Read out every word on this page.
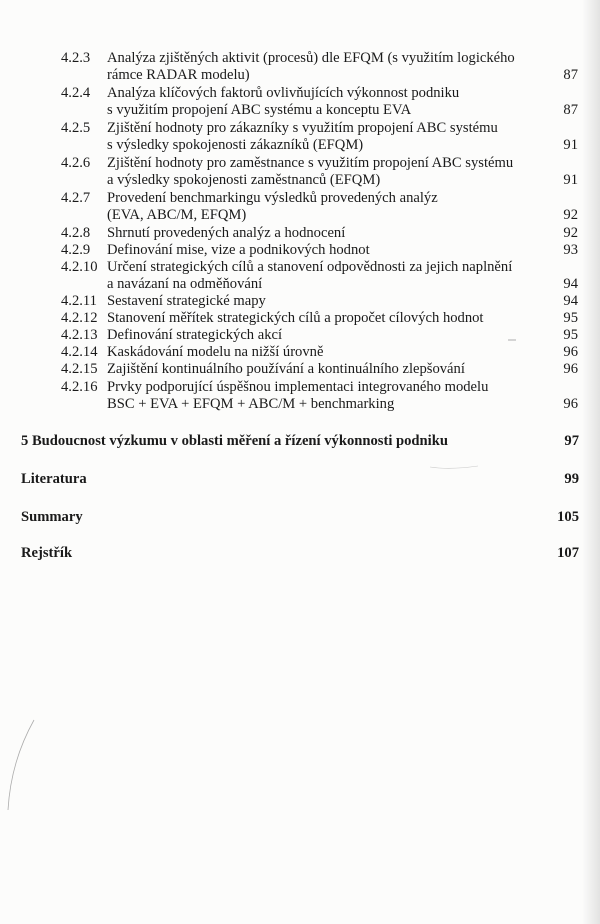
4.2.3 Analýza zjištěných aktivit (procesů) dle EFQM (s využitím logického
rámce RADAR modelu)	87
4.2.4 Analýza klíčových faktorů ovlivňujících výkonnost podniku
s využitím propojení ABC systému a konceptu EVA	87
4.2.5 Zjištění hodnoty pro zákazníky s využitím propojení ABC systému
s výsledky spokojenosti zákazníků (EFQM)	91
4.2.6 Zjištění hodnoty pro zaměstnance s využitím propojení ABC systému
a výsledky spokojenosti zaměstnanců (EFQM)	91
4.2.7 Provedení benchmarkingu výsledků provedených analýz
(EVA, ABC/M, EFQM)	92
4.2.8 Shrnutí provedených analýz a hodnocení	92
4.2.9 Definování mise, vize a podnikových hodnot	93
4.2.10 Určení strategických cílů a stanovení odpovědnosti za jejich naplnění
a navázaní na odměňování	94
4.2.11 Sestavení strategické mapy	94
4.2.12 Stanovení měřítek strategických cílů a propočet cílových hodnot	95
4.2.13 Definování strategických akcí	95
4.2.14 Kaskádování modelu na nižší úrovně	96
4.2.15 Zajištění kontinuálního používání a kontinuálního zlepšování	96
4.2.16 Prvky podporující úspěšnou implementaci integrovaného modelu
BSC + EVA + EFQM + ABC/M + benchmarking	96
5 Budoucnost výzkumu v oblasti měření a řízení výkonnosti podniku	97
Literatura	99
Summary	105
Rejstřík	107
